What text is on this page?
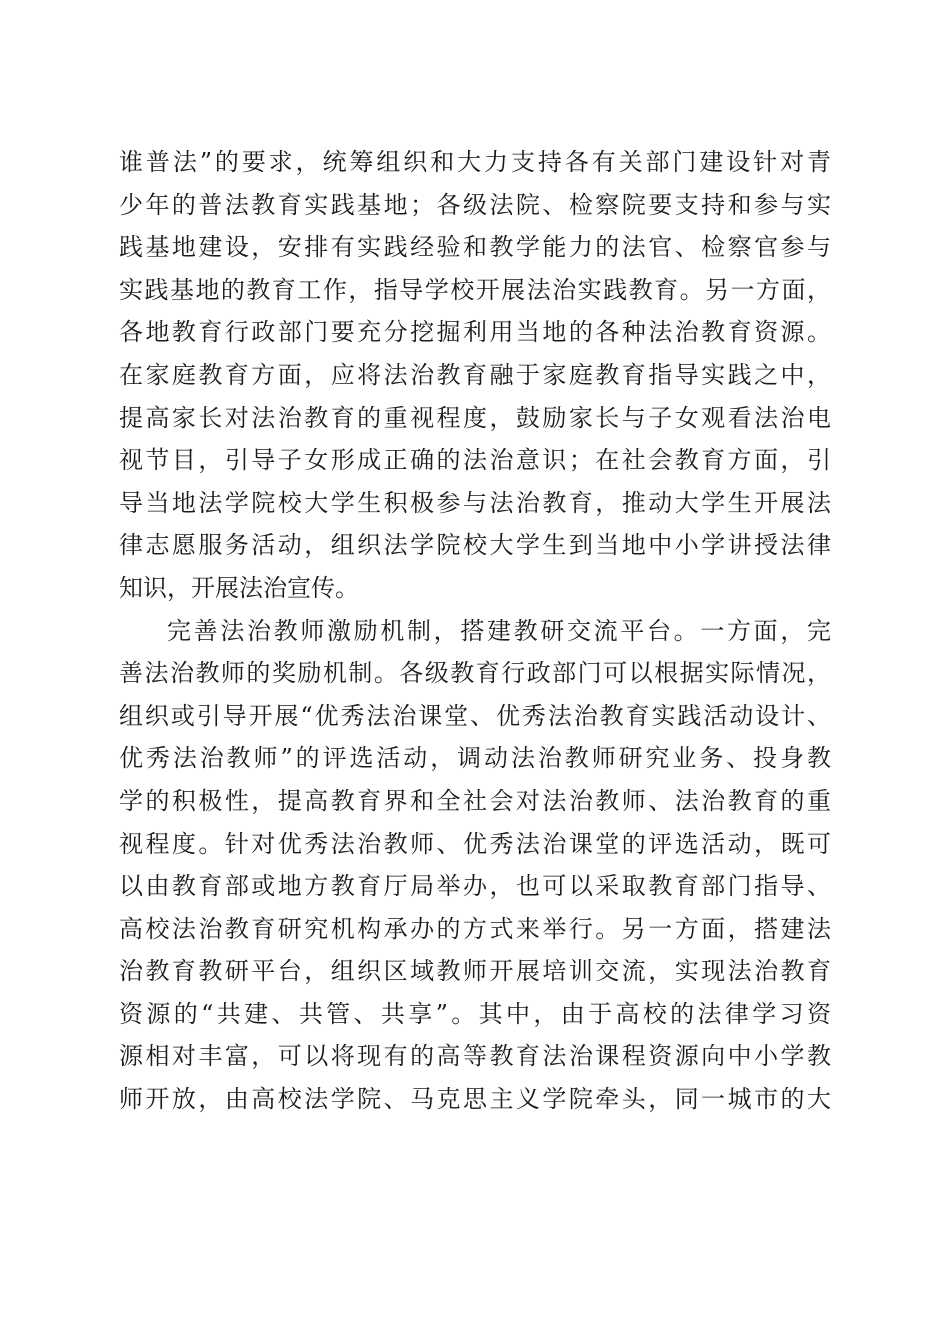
谁普法”的要求，统筹组织和大力支持各有关部门建设针对青
少年的普法教育实践基地；各级法院、检察院要支持和参与实
践基地建设，安排有实践经验和教学能力的法官、检察官参与
实践基地的教育工作，指导学校开展法治实践教育。另一方面，
各地教育行政部门要充分挖掘利用当地的各种法治教育资源。
在家庭教育方面，应将法治教育融于家庭教育指导实践之中，
提高家长对法治教育的重视程度，鼓励家长与子女观看法治电
视节目，引导子女形成正确的法治意识；在社会教育方面，引
导当地法学院校大学生积极参与法治教育，推动大学生开展法
律志愿服务活动，组织法学院校大学生到当地中小学讲授法律
知识，开展法治宣传。
完善法治教师激励机制，搭建教研交流平台。一方面，完
善法治教师的奖励机制。各级教育行政部门可以根据实际情况，
组织或引导开展“优秀法治课堂、优秀法治教育实践活动设计、
优秀法治教师”的评选活动，调动法治教师研究业务、投身教
学的积极性，提高教育界和全社会对法治教师、法治教育的重
视程度。针对优秀法治教师、优秀法治课堂的评选活动，既可
以由教育部或地方教育厅局举办，也可以采取教育部门指导、
高校法治教育研究机构承办的方式来举行。另一方面，搭建法
治教育教研平台，组织区域教师开展培训交流，实现法治教育
资源的“共建、共管、共享”。其中，由于高校的法律学习资
源相对丰富，可以将现有的高等教育法治课程资源向中小学教
师开放，由高校法学院、马克思主义学院牵头，同一城市的大
